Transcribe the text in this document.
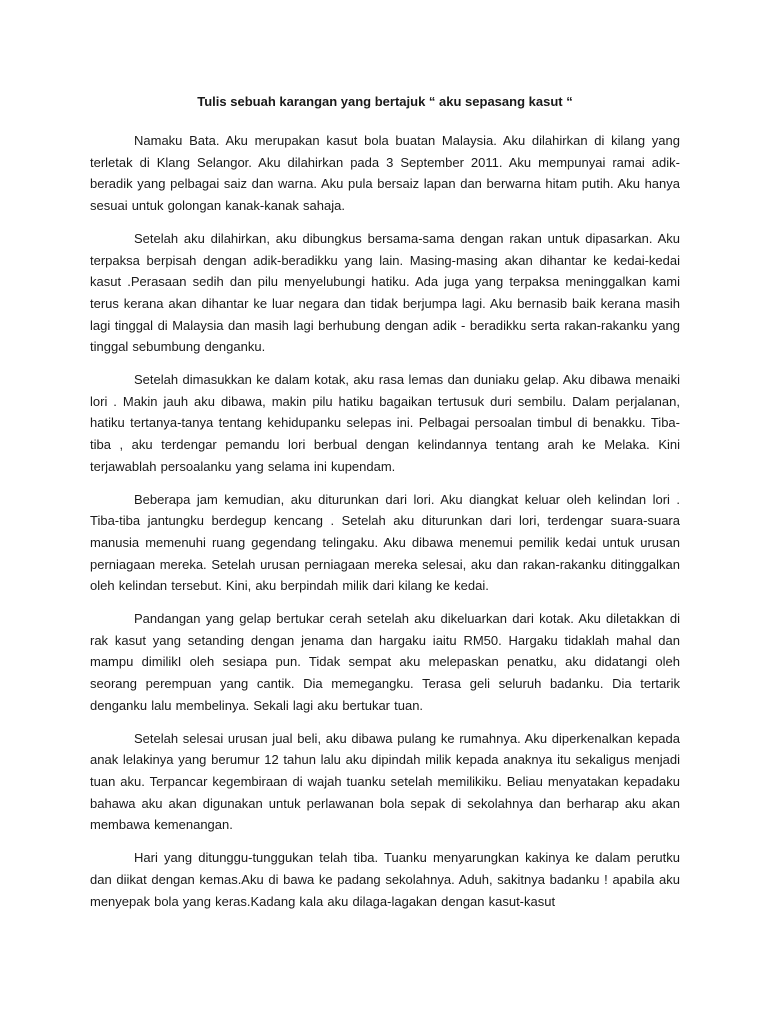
Tulis sebuah karangan yang bertajuk “ aku sepasang kasut “

Namaku Bata. Aku merupakan kasut bola buatan Malaysia. Aku dilahirkan di kilang yang terletak di Klang Selangor. Aku dilahirkan pada 3 September 2011. Aku mempunyai ramai adik-beradik yang pelbagai saiz dan warna. Aku pula bersaiz lapan dan berwarna hitam putih. Aku hanya sesuai untuk golongan kanak-kanak sahaja.

Setelah aku dilahirkan, aku dibungkus bersama-sama dengan rakan untuk dipasarkan. Aku terpaksa berpisah dengan adik-beradikku yang lain. Masing-masing akan dihantar ke kedai-kedai kasut .Perasaan sedih dan pilu menyelubungi hatiku. Ada juga yang terpaksa meninggalkan kami terus kerana akan dihantar ke luar negara dan tidak berjumpa lagi. Aku bernasib baik kerana masih lagi tinggal di Malaysia dan masih lagi berhubung dengan adik - beradikku serta rakan-rakanku yang tinggal sebumbung denganku.

Setelah dimasukkan ke dalam kotak, aku rasa lemas dan duniaku gelap. Aku dibawa menaiki lori . Makin jauh aku dibawa, makin pilu hatiku bagaikan tertusuk duri sembilu. Dalam perjalanan, hatiku tertanya-tanya tentang kehidupanku selepas ini. Pelbagai persoalan timbul di benakku. Tiba-tiba , aku terdengar pemandu lori berbual dengan kelindannya tentang arah ke Melaka. Kini terjawablah persoalanku yang selama ini kupendam.

Beberapa jam kemudian, aku diturunkan dari lori. Aku diangkat keluar oleh kelindan lori . Tiba-tiba jantungku berdegup kencang . Setelah aku diturunkan dari lori, terdengar suara-suara manusia memenuhi ruang gegendang telingaku. Aku dibawa menemui pemilik kedai untuk urusan perniagaan mereka. Setelah urusan perniagaan mereka selesai, aku dan rakan-rakanku ditinggalkan oleh kelindan tersebut. Kini, aku berpindah milik dari kilang ke kedai.

Pandangan yang gelap bertukar cerah setelah aku dikeluarkan dari kotak. Aku diletakkan di rak kasut yang setanding dengan jenama dan hargaku iaitu RM50. Hargaku tidaklah mahal dan mampu dimilikI oleh sesiapa pun. Tidak sempat aku melepaskan penatku, aku didatangi oleh seorang perempuan yang cantik. Dia memegangku. Terasa geli seluruh badanku. Dia tertarik denganku lalu membelinya. Sekali lagi aku bertukar tuan.

Setelah selesai urusan jual beli, aku dibawa pulang ke rumahnya. Aku diperkenalkan kepada anak lelakinya yang berumur 12 tahun lalu aku dipindah milik kepada anaknya itu sekaligus menjadi tuan aku. Terpancar kegembiraan di wajah tuanku setelah memilikiku. Beliau menyatakan kepadaku bahawa aku akan digunakan untuk perlawanan bola sepak di sekolahnya dan berharap aku akan membawa kemenangan.

Hari yang ditunggu-tunggukan telah tiba. Tuanku menyarungkan kakinya ke dalam perutku dan diikat dengan kemas.Aku di bawa ke padang sekolahnya. Aduh, sakitnya badanku ! apabila aku menyepak bola yang keras.Kadang kala aku dilaga-lagakan dengan kasut-kasut
